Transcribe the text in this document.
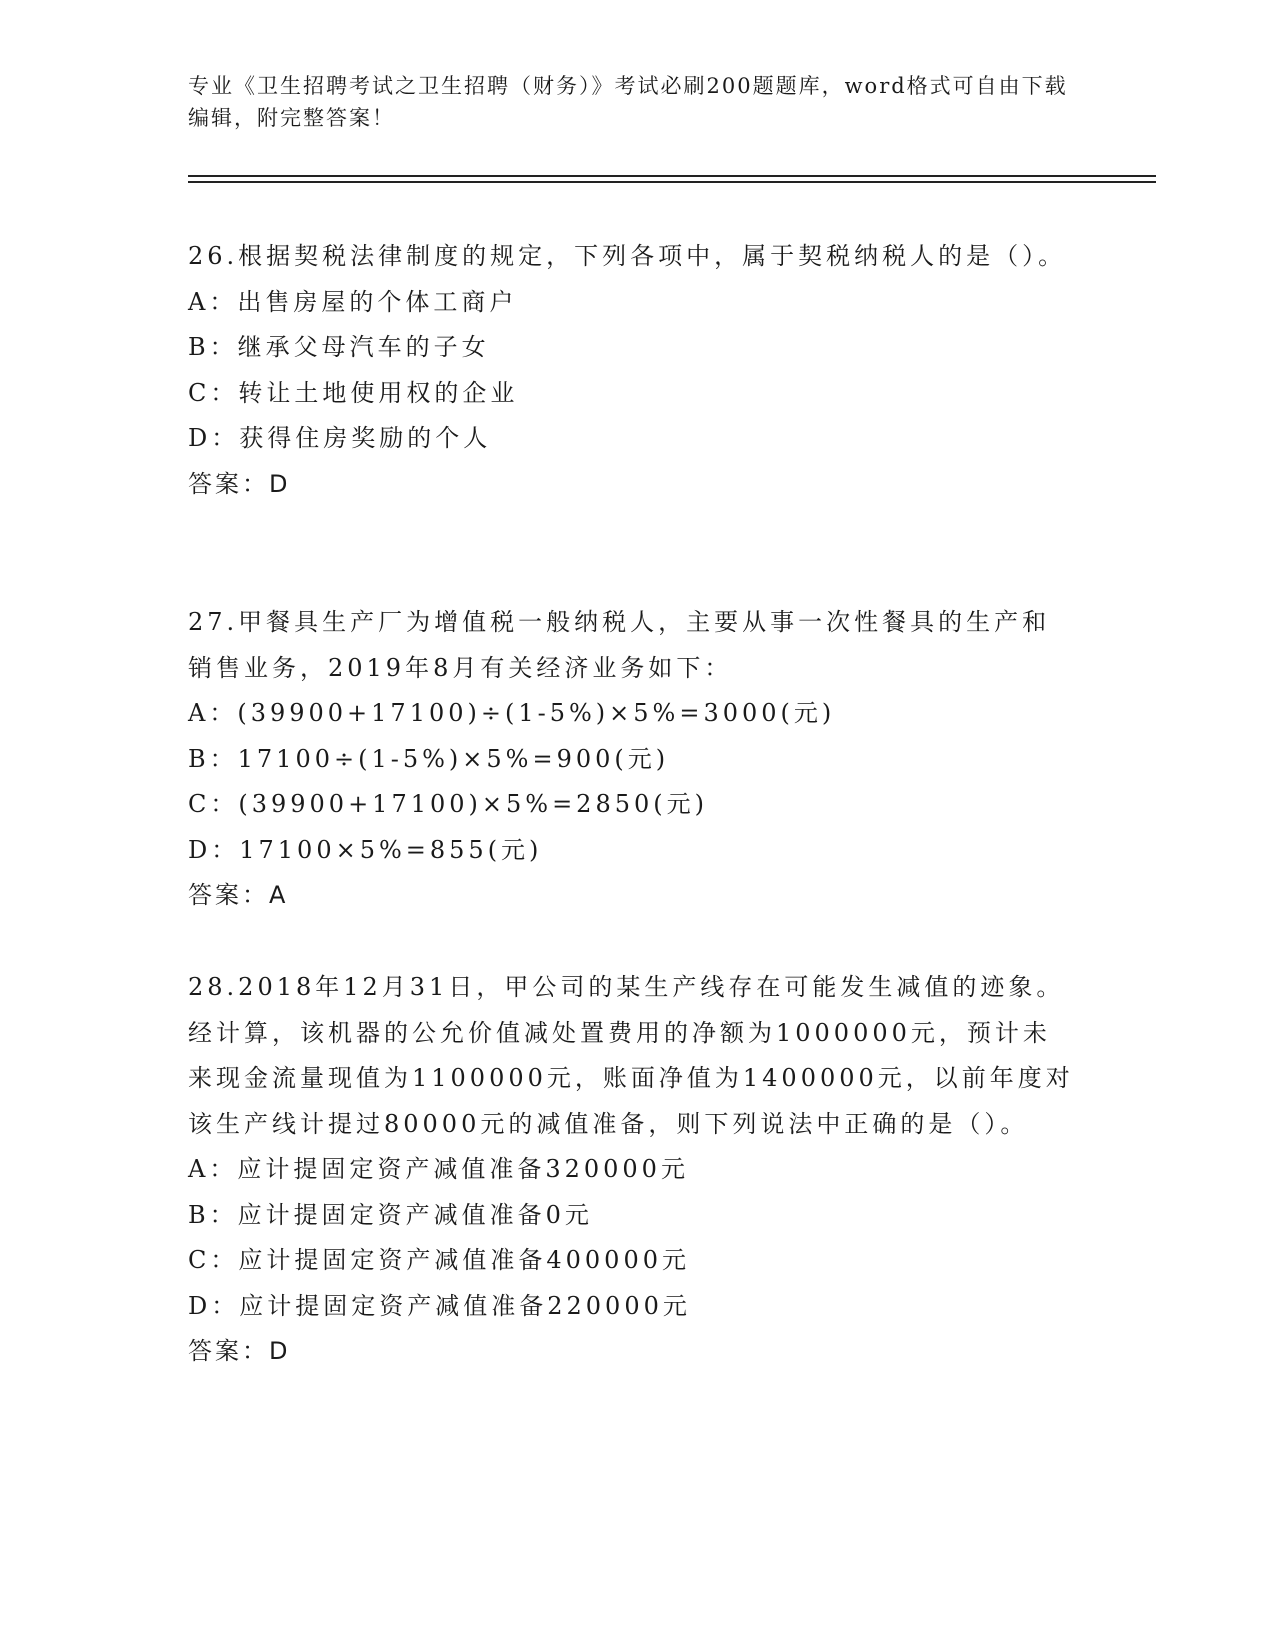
专业《卫生招聘考试之卫生招聘（财务）》考试必刷200题题库，word格式可自由下载编辑，附完整答案！

26.根据契税法律制度的规定，下列各项中，属于契税纳税人的是（）。

A：出售房屋的个体工商户

B：继承父母汽车的子女

C：转让土地使用权的企业

D：获得住房奖励的个人

答案：D

27.甲餐具生产厂为增值税一般纳税人，主要从事一次性餐具的生产和销售业务，2019年8月有关经济业务如下：

A：(39900+17100)÷(1-5%)×5%=3000(元)

B：17100÷(1-5%)×5%=900(元)

C：(39900+17100)×5%=2850(元)

D：17100×5%=855(元)

答案：A

28.2018年12月31日，甲公司的某生产线存在可能发生减值的迹象。经计算，该机器的公允价值减处置费用的净额为1000000元，预计未来现金流量现值为1100000元，账面净值为1400000元，以前年度对该生产线计提过80000元的减值准备，则下列说法中正确的是（）。

A：应计提固定资产减值准备320000元

B：应计提固定资产减值准备0元

C：应计提固定资产减值准备400000元

D：应计提固定资产减值准备220000元

答案：D
